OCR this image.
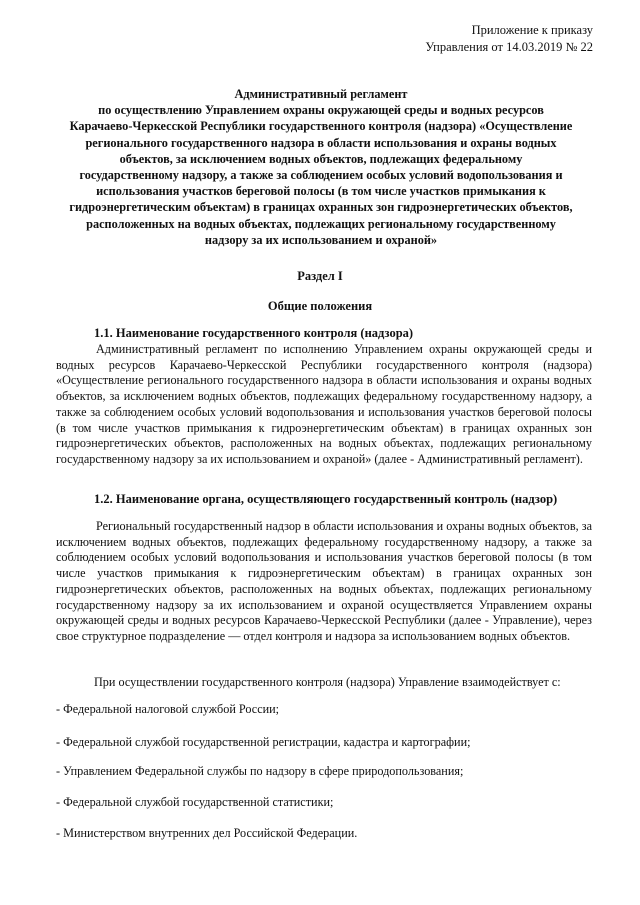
Приложение к приказу
Управления от 14.03.2019 № 22
Административный регламент
по осуществлению Управлением охраны окружающей среды и водных ресурсов
Карачаево-Черкесской Республики государственного контроля (надзора) «Осуществление
регионального государственного надзора в области использования и охраны водных
объектов, за исключением водных объектов, подлежащих федеральному
государственному надзору, а также за соблюдением особых условий водопользования и
использования участков береговой полосы (в том числе участков примыкания к
гидроэнергетическим объектам) в границах охранных зон гидроэнергетических объектов,
расположенных на водных объектах, подлежащих региональному государственному
надзору за их использованием и охраной»
Раздел I
Общие положения
1.1. Наименование государственного контроля (надзора)
Административный регламент по исполнению Управлением охраны окружающей среды и водных ресурсов Карачаево-Черкесской Республики государственного контроля (надзора) «Осуществление регионального государственного надзора в области использования и охраны водных объектов, за исключением водных объектов, подлежащих федеральному государственному надзору, а также за соблюдением особых условий водопользования и использования участков береговой полосы (в том числе участков примыкания к гидроэнергетическим объектам) в границах охранных зон гидроэнергетических объектов, расположенных на водных объектах, подлежащих региональному государственному надзору за их использованием и охраной» (далее - Административный регламент).
1.2. Наименование органа, осуществляющего государственный контроль (надзор)
Региональный государственный надзор в области использования и охраны водных объектов, за исключением водных объектов, подлежащих федеральному государственному надзору, а также за соблюдением особых условий водопользования и использования участков береговой полосы (в том числе участков примыкания к гидроэнергетическим объектам) в границах охранных зон гидроэнергетических объектов, расположенных на водных объектах, подлежащих региональному государственному надзору за их использованием и охраной осуществляется Управлением охраны окружающей среды и водных ресурсов Карачаево-Черкесской Республики (далее - Управление), через свое структурное подразделение — отдел контроля и надзора за использованием водных объектов.
При осуществлении государственного контроля (надзора) Управление взаимодействует с:
- Федеральной налоговой службой России;
- Федеральной службой государственной регистрации, кадастра и картографии;
- Управлением Федеральной службы по надзору в сфере природопользования;
- Федеральной службой государственной статистики;
- Министерством внутренних дел Российской Федерации.
